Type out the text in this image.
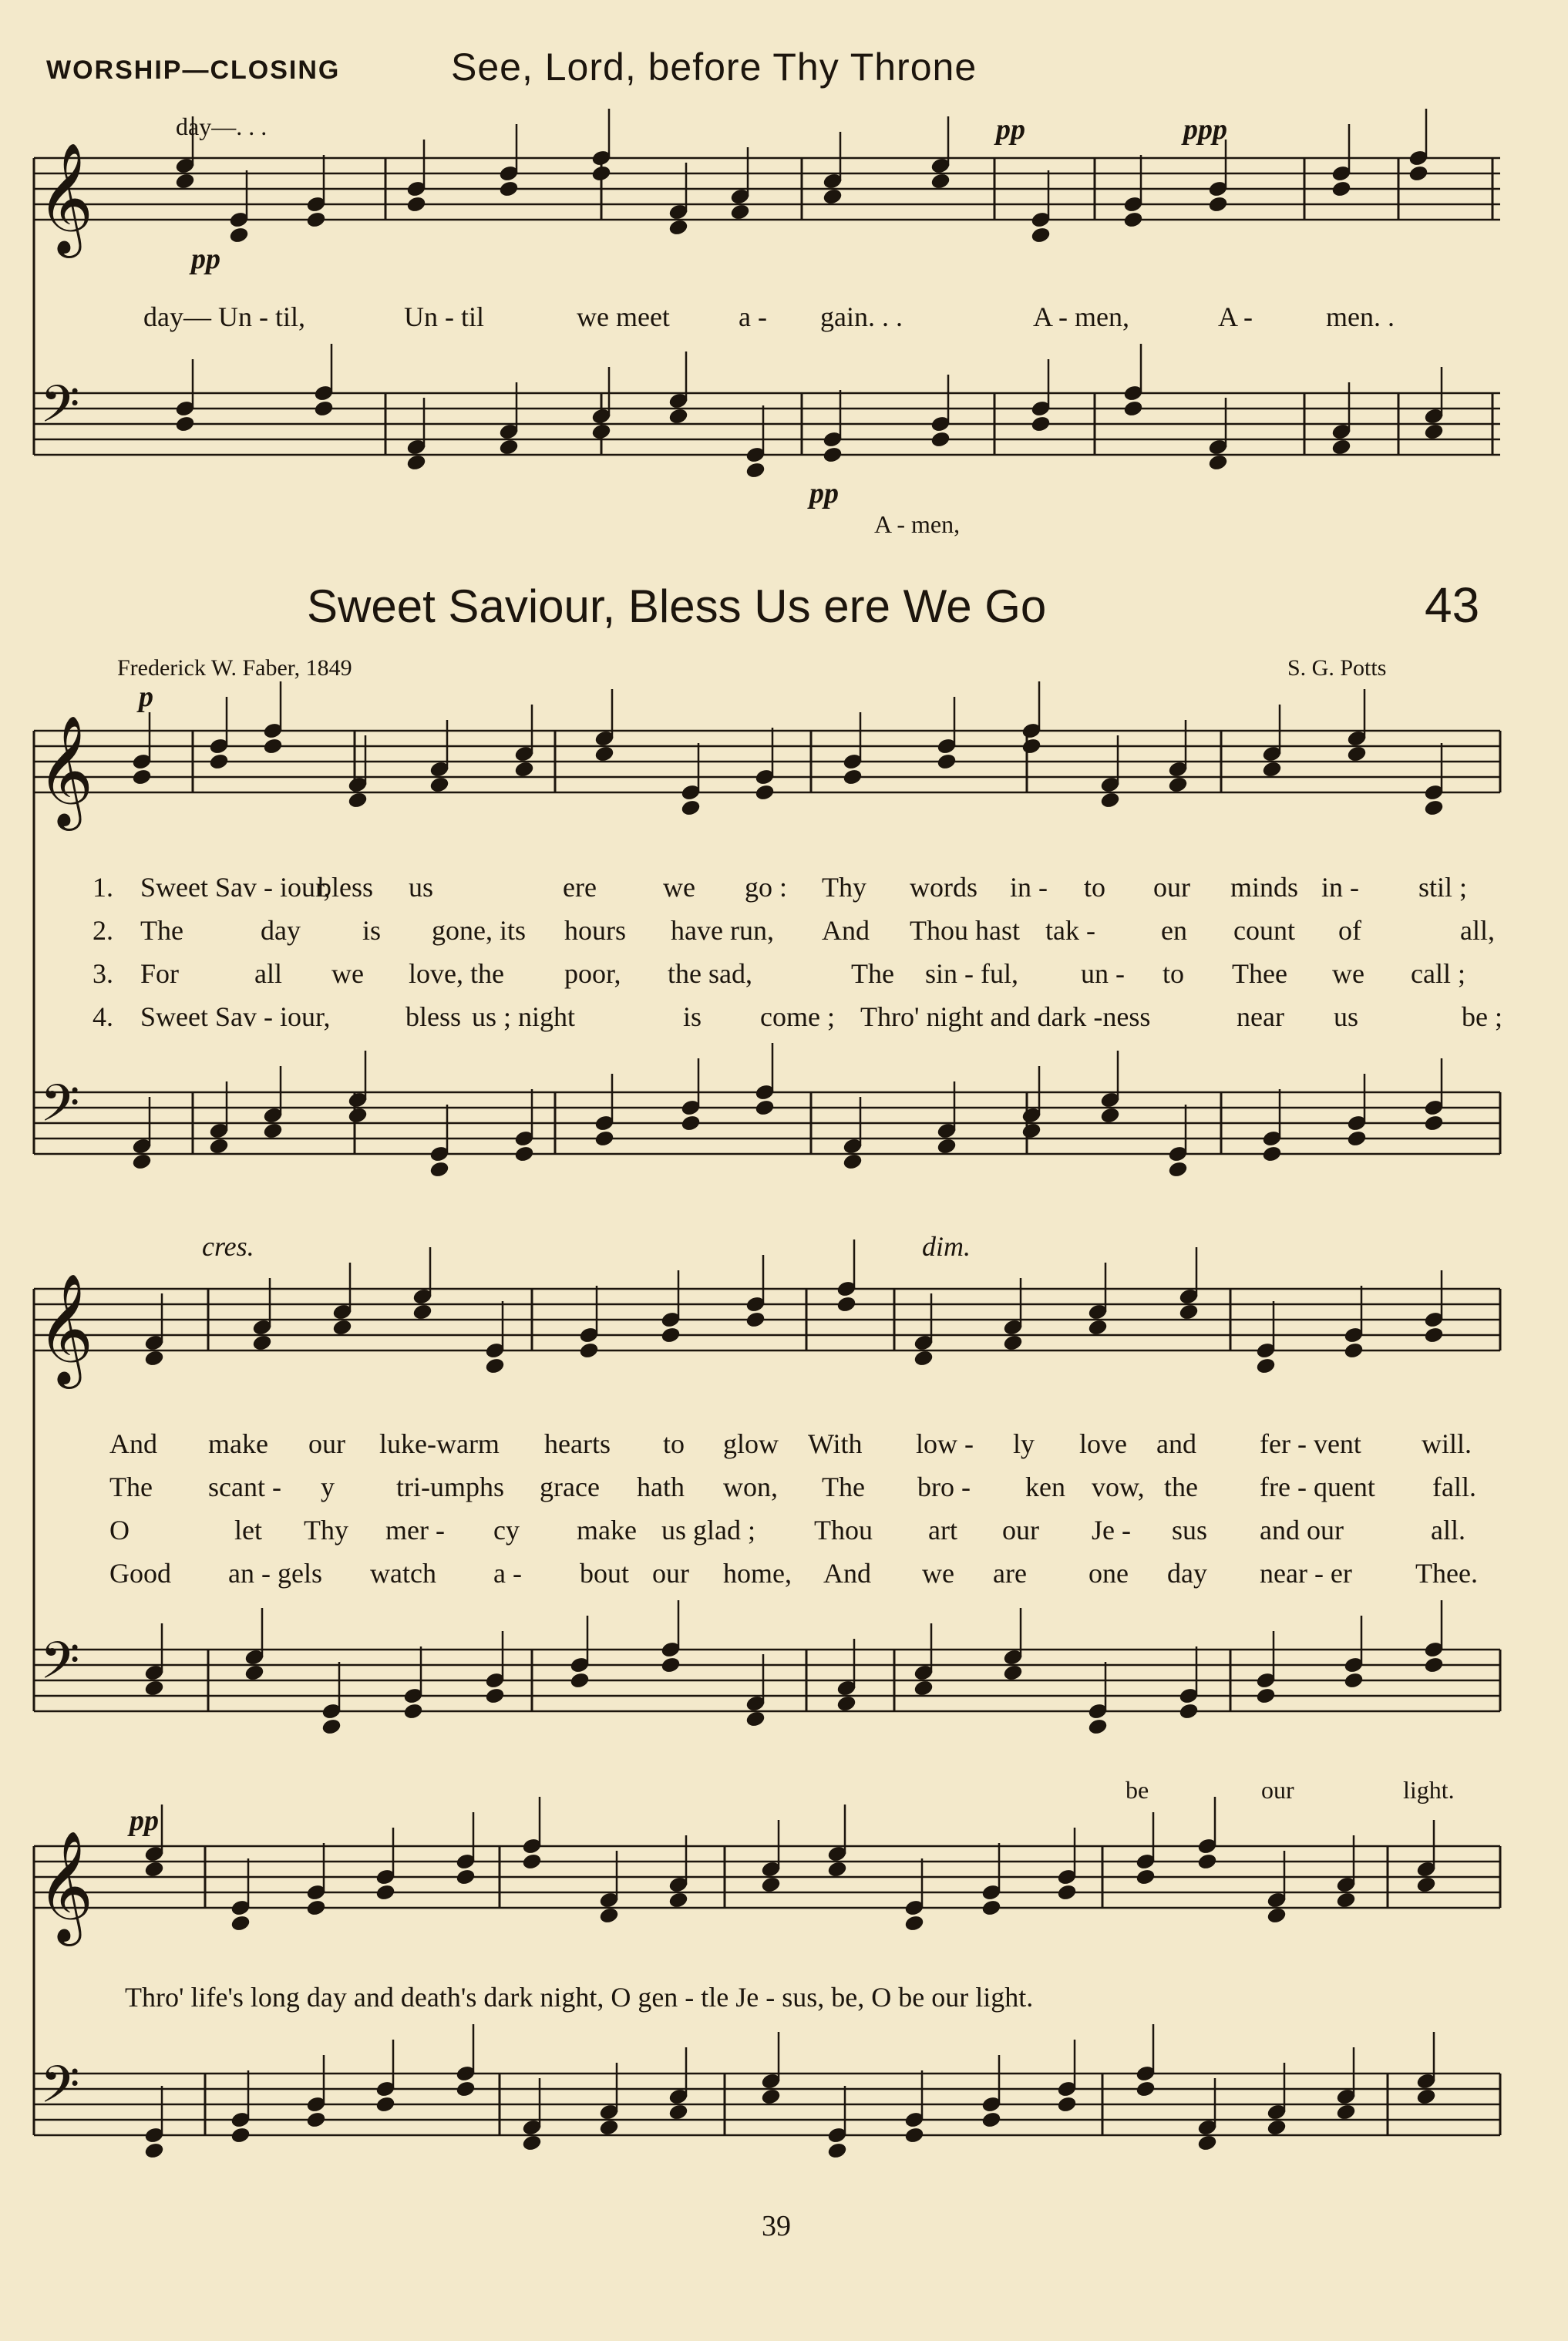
WORSHIP—CLOSING	See, Lord, before Thy Throne
𝄞
𝄢
𝄞
𝄢
𝄞
𝄢
𝄞
𝄢
day—. . .	pp	ppp
pp
day— Un - til,	Un - til	we meet a - gain. . .	A - men,	A -	men. .
pp
A - men,
Sweet Saviour, Bless Us ere We Go	43
Frederick W. Faber, 1849	S. G. Potts
p
1. Sweet Sav - iour,
bless us	ere we go : Thy words in - to our minds in - stil ;
2. The	day is gone, its hours have run, And Thou hast tak - en count of	all,
3. For	all we love, the poor, the sad,	The sin - ful, un - to Thee we call ;
4. Sweet Sav - iour,	bless us ; night	is come ; Thro' night and dark -ness	near us	be ;
cres.	dim.
And make our luke-warm hearts to glow With low - ly love and fer - vent will.
The scant - y tri-umphs grace hath won, The bro - ken vow, the fre - quent fall.
O	let Thy mer - cy make us glad ; Thou art our Je - sus and our	all.
Good an - gels watch a - bout our home, And we are one day near - er Thee.
be	our	light.
pp
Thro' life's long day and death's dark night, O gen - tle Je - sus, be, O be our light.
39
